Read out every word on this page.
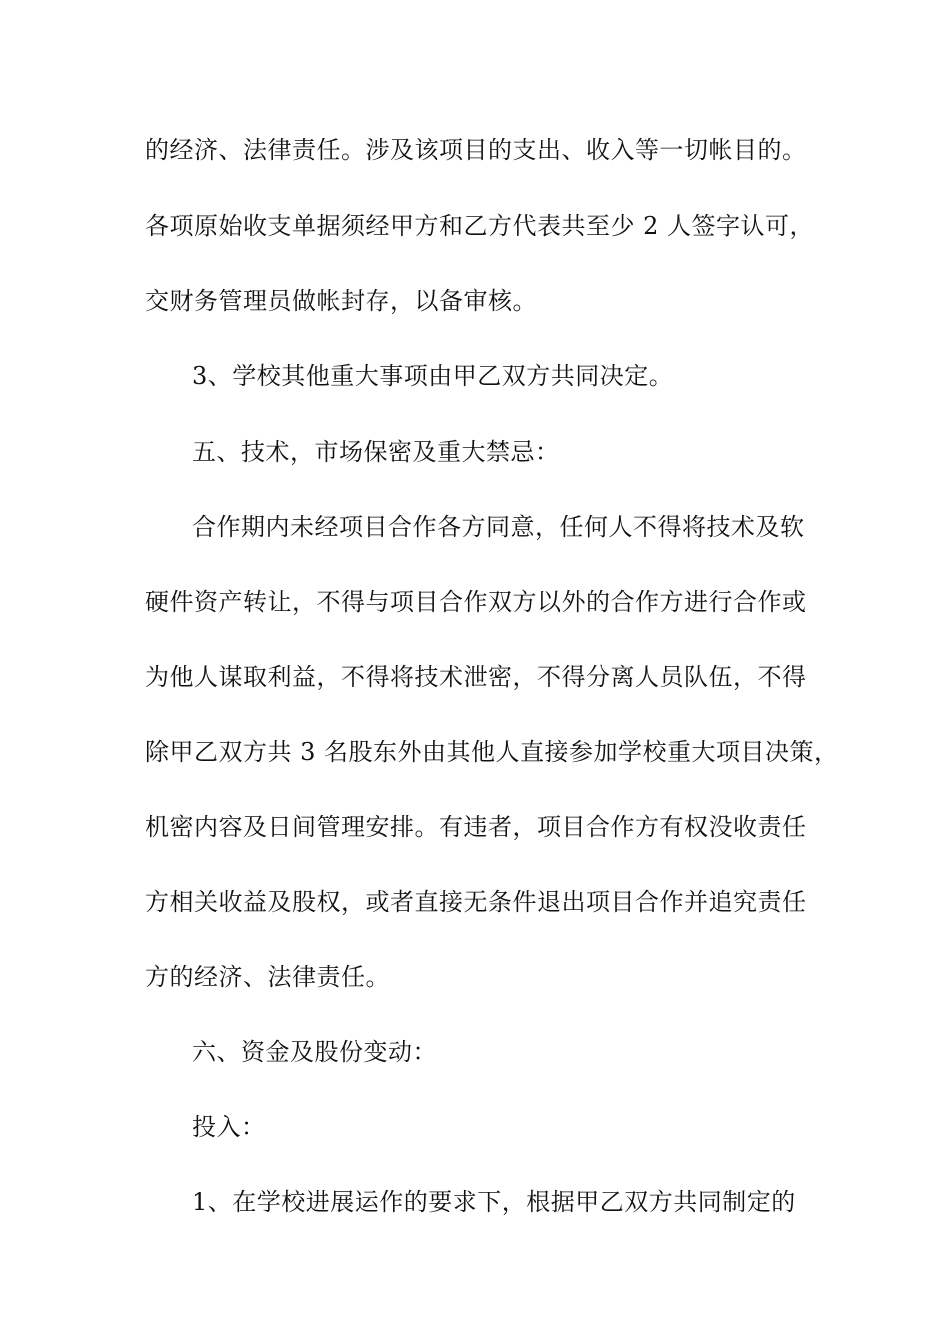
的经济、法律责任。涉及该项目的支出、收入等一切帐目的。
各项原始收支单据须经甲方和乙方代表共至少 2 人签字认可，
交财务管理员做帐封存，以备审核。
3、学校其他重大事项由甲乙双方共同决定。
五、技术，市场保密及重大禁忌：
合作期内未经项目合作各方同意，任何人不得将技术及软
硬件资产转让，不得与项目合作双方以外的合作方进行合作或
为他人谋取利益，不得将技术泄密，不得分离人员队伍，不得
除甲乙双方共 3 名股东外由其他人直接参加学校重大项目决策，
机密内容及日间管理安排。有违者，项目合作方有权没收责任
方相关收益及股权，或者直接无条件退出项目合作并追究责任
方的经济、法律责任。
六、资金及股份变动：
投入：
1、在学校进展运作的要求下，根据甲乙双方共同制定的
